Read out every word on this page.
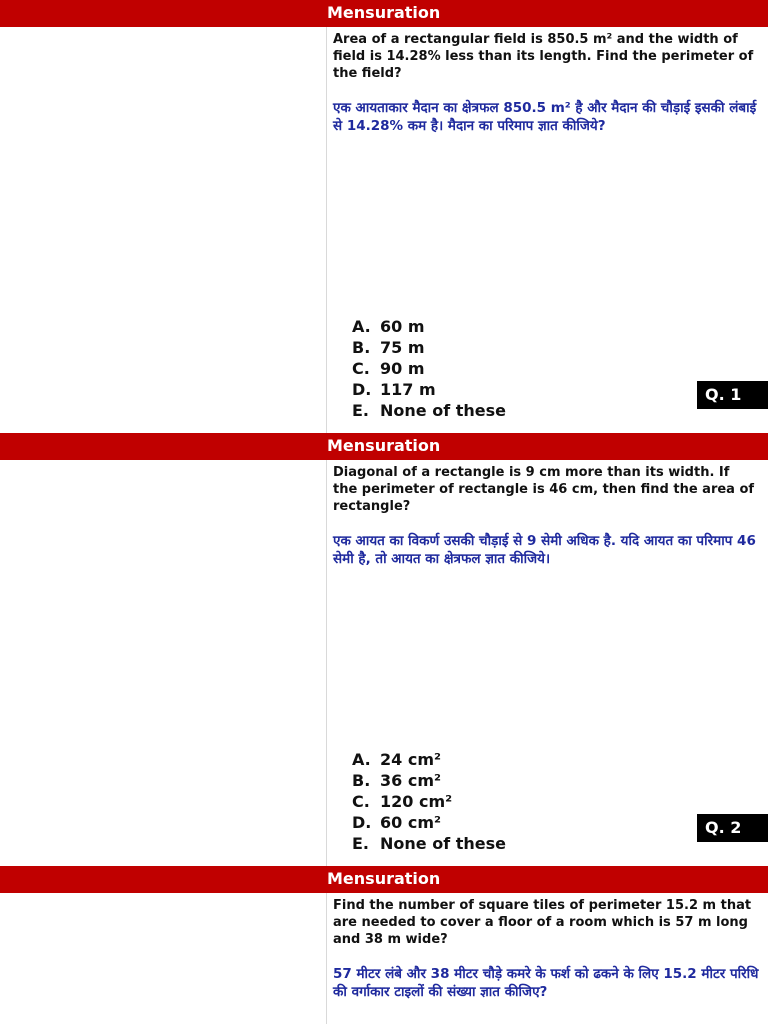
Mensuration
Area of a rectangular field is 850.5 m² and the width of field is 14.28% less than its length. Find the perimeter of the field?
एक आयताकार मैदान का क्षेत्रफल 850.5 m² है और मैदान की चौड़ाई इसकी लंबाई से 14.28% कम है। मैदान का परिमाप ज्ञात कीजिये?
A. 60 m
B. 75 m
C. 90 m
D. 117 m
E. None of these
Q. 1
Mensuration
Diagonal of a rectangle is 9 cm more than its width. If the perimeter of rectangle is 46 cm, then find the area of rectangle?
एक आयत का विकर्ण उसकी चौड़ाई से 9 सेमी अधिक है. यदि आयत का परिमाप 46 सेमी है, तो आयत का क्षेत्रफल ज्ञात कीजिये।
A. 24 cm²
B. 36 cm²
C. 120 cm²
D. 60 cm²
E. None of these
Q. 2
Mensuration
Find the number of square tiles of perimeter 15.2 m that are needed to cover a floor of a room which is 57 m long and 38 m wide?
57 मीटर लंबे और 38 मीटर चौड़े कमरे के फर्श को ढकने के लिए 15.2 मीटर परिधि की वर्गाकार टाइलों की संख्या ज्ञात कीजिए?
